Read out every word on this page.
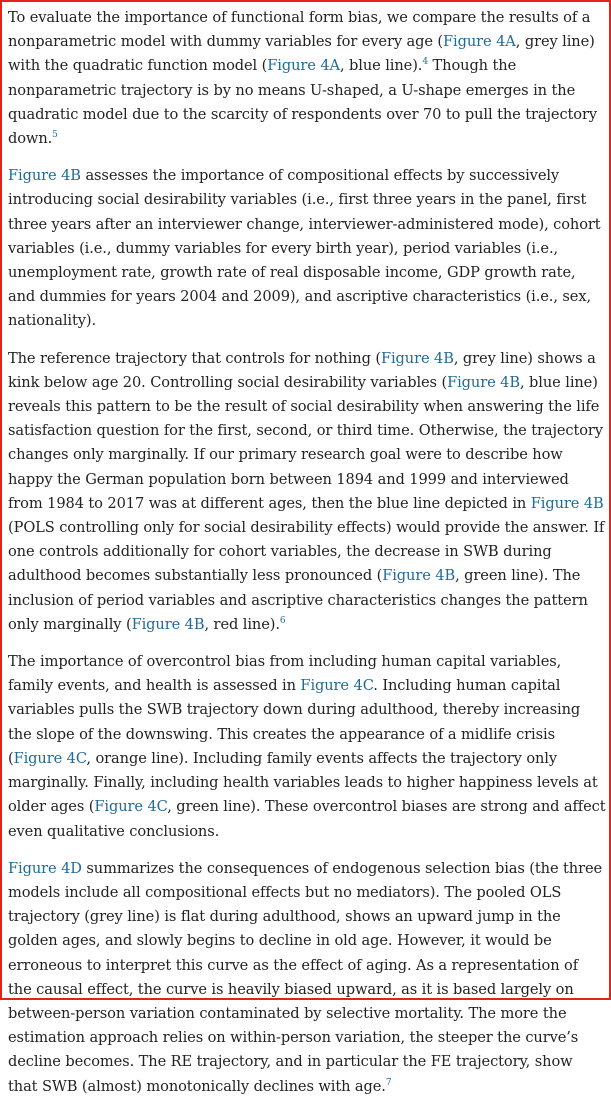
To evaluate the importance of functional form bias, we compare the results of a nonparametric model with dummy variables for every age (Figure 4A, grey line) with the quadratic function model (Figure 4A, blue line).$^4$ Though the nonparametric trajectory is by no means U-shaped, a U-shape emerges in the quadratic model due to the scarcity of respondents over 70 to pull the trajectory down.$^5$

Figure 4B assesses the importance of compositional effects by successively introducing social desirability variables (i.e., first three years in the panel, first three years after an interviewer change, interviewer-administered mode), cohort variables (i.e., dummy variables for every birth year), period variables (i.e., unemployment rate, growth rate of real disposable income, GDP growth rate, and dummies for years 2004 and 2009), and ascriptive characteristics (i.e., sex, nationality).

The reference trajectory that controls for nothing (Figure 4B, grey line) shows a kink below age 20. Controlling social desirability variables (Figure 4B, blue line) reveals this pattern to be the result of social desirability when answering the life satisfaction question for the first, second, or third time. Otherwise, the trajectory changes only marginally. If our primary research goal were to describe how happy the German population born between 1894 and 1999 and interviewed from 1984 to 2017 was at different ages, then the blue line depicted in Figure 4B (POLS controlling only for social desirability effects) would provide the answer. If one controls additionally for cohort variables, the decrease in SWB during adulthood becomes substantially less pronounced (Figure 4B, green line). The inclusion of period variables and ascriptive characteristics changes the pattern only marginally (Figure 4B, red line).$^6$

The importance of overcontrol bias from including human capital variables, family events, and health is assessed in Figure 4C. Including human capital variables pulls the SWB trajectory down during adulthood, thereby increasing the slope of the downswing. This creates the appearance of a midlife crisis (Figure 4C, orange line). Including family events affects the trajectory only marginally. Finally, including health variables leads to higher happiness levels at older ages (Figure 4C, green line). These overcontrol biases are strong and affect even qualitative conclusions.

Figure 4D summarizes the consequences of endogenous selection bias (the three models include all compositional effects but no mediators). The pooled OLS trajectory (grey line) is flat during adulthood, shows an upward jump in the golden ages, and slowly begins to decline in old age. However, it would be erroneous to interpret this curve as the effect of aging. As a representation of the causal effect, the curve is heavily biased upward, as it is based largely on between-person variation contaminated by selective mortality. The more the estimation approach relies on within-person variation, the steeper the curve’s decline becomes. The RE trajectory, and in particular the FE trajectory, show that SWB (almost) monotonically declines with age.$^7$
